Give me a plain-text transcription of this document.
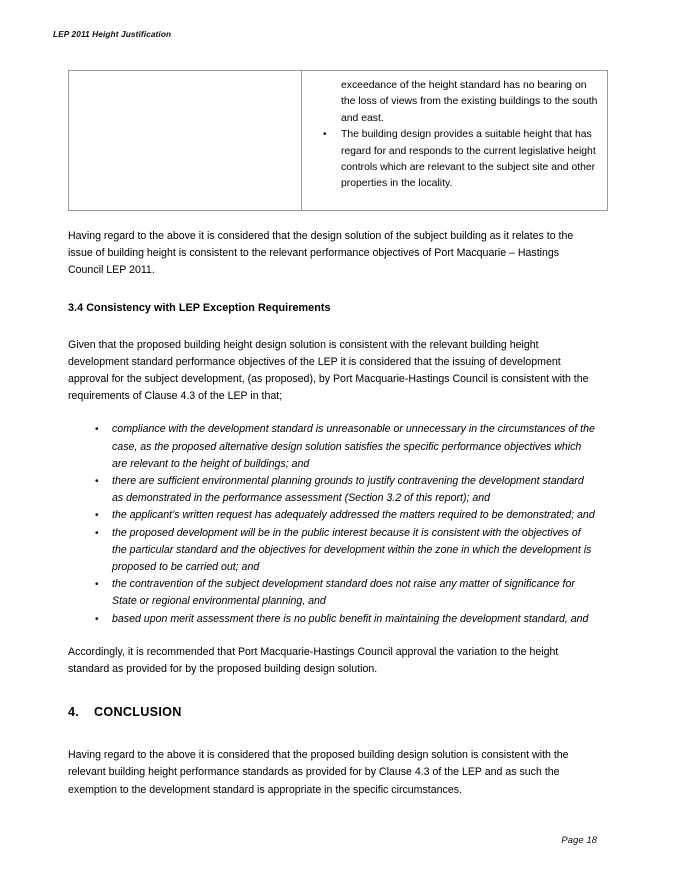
LEP 2011 Height Justification

exceedance of the height standard has no bearing on the loss of views from the existing buildings to the south and east.
• The building design provides a suitable height that has regard for and responds to the current legislative height controls which are relevant to the subject site and other properties in the locality.

Having regard to the above it is considered that the design solution of the subject building as it relates to the issue of building height is consistent to the relevant performance objectives of Port Macquarie – Hastings Council LEP 2011.

3.4 Consistency with LEP Exception Requirements

Given that the proposed building height design solution is consistent with the relevant building height development standard performance objectives of the LEP it is considered that the issuing of development approval for the subject development, (as proposed), by Port Macquarie-Hastings Council is consistent with the requirements of Clause 4.3 of the LEP in that;

• compliance with the development standard is unreasonable or unnecessary in the circumstances of the case, as the proposed alternative design solution satisfies the specific performance objectives which are relevant to the height of buildings; and
• there are sufficient environmental planning grounds to justify contravening the development standard as demonstrated in the performance assessment (Section 3.2 of this report); and
• the applicant’s written request has adequately addressed the matters required to be demonstrated; and
• the proposed development will be in the public interest because it is consistent with the objectives of the particular standard and the objectives for development within the zone in which the development is proposed to be carried out; and
• the contravention of the subject development standard does not raise any matter of significance for State or regional environmental planning, and
• based upon merit assessment there is no public benefit in maintaining the development standard, and

Accordingly, it is recommended that Port Macquarie-Hastings Council approval the variation to the height standard as provided for by the proposed building design solution.

4. CONCLUSION

Having regard to the above it is considered that the proposed building design solution is consistent with the relevant building height performance standards as provided for by Clause 4.3 of the LEP and as such the exemption to the development standard is appropriate in the specific circumstances.

Page 18
